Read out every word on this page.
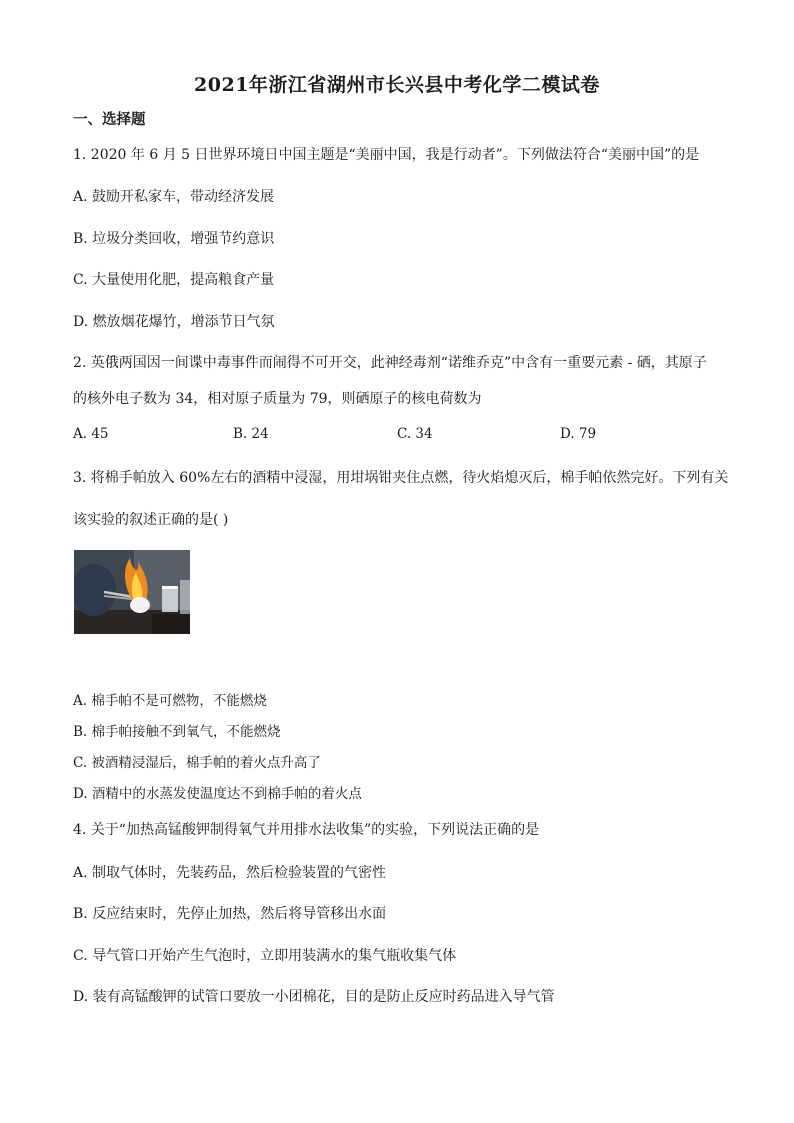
2021年浙江省湖州市长兴县中考化学二模试卷
一、选择题
1. 2020 年 6 月 5 日世界环境日中国主题是“美丽中国，我是行动者”。下列做法符合“美丽中国”的是
A. 鼓励开私家车，带动经济发展
B. 垃圾分类回收，增强节约意识
C. 大量使用化肥，提高粮食产量
D. 燃放烟花爆竹，增添节日气氛
2. 英俄两国因一间谍中毒事件而闹得不可开交，此神经毒剂“诺维乔克”中含有一重要元素 - 硒，其原子
的核外电子数为 34，相对原子质量为 79，则硒原子的核电荷数为
A. 45	B. 24	C. 34	D. 79
3. 将棉手帕放入 60%左右的酒精中浸湿，用坩埚钳夹住点燃，待火焰熄灭后，棉手帕依然完好。下列有关
该实验的叙述正确的是( )
A. 棉手帕不是可燃物，不能燃烧
B. 棉手帕接触不到氧气，不能燃烧
C. 被酒精浸湿后，棉手帕的着火点升高了
D. 酒精中的水蒸发使温度达不到棉手帕的着火点
4. 关于“加热高锰酸钾制得氧气并用排水法收集”的实验，下列说法正确的是
A. 制取气体时，先装药品，然后检验装置的气密性
B. 反应结束时，先停止加热，然后将导管移出水面
C. 导气管口开始产生气泡时，立即用装满水的集气瓶收集气体
D. 装有高锰酸钾的试管口要放一小团棉花，目的是防止反应时药品进入导气管
